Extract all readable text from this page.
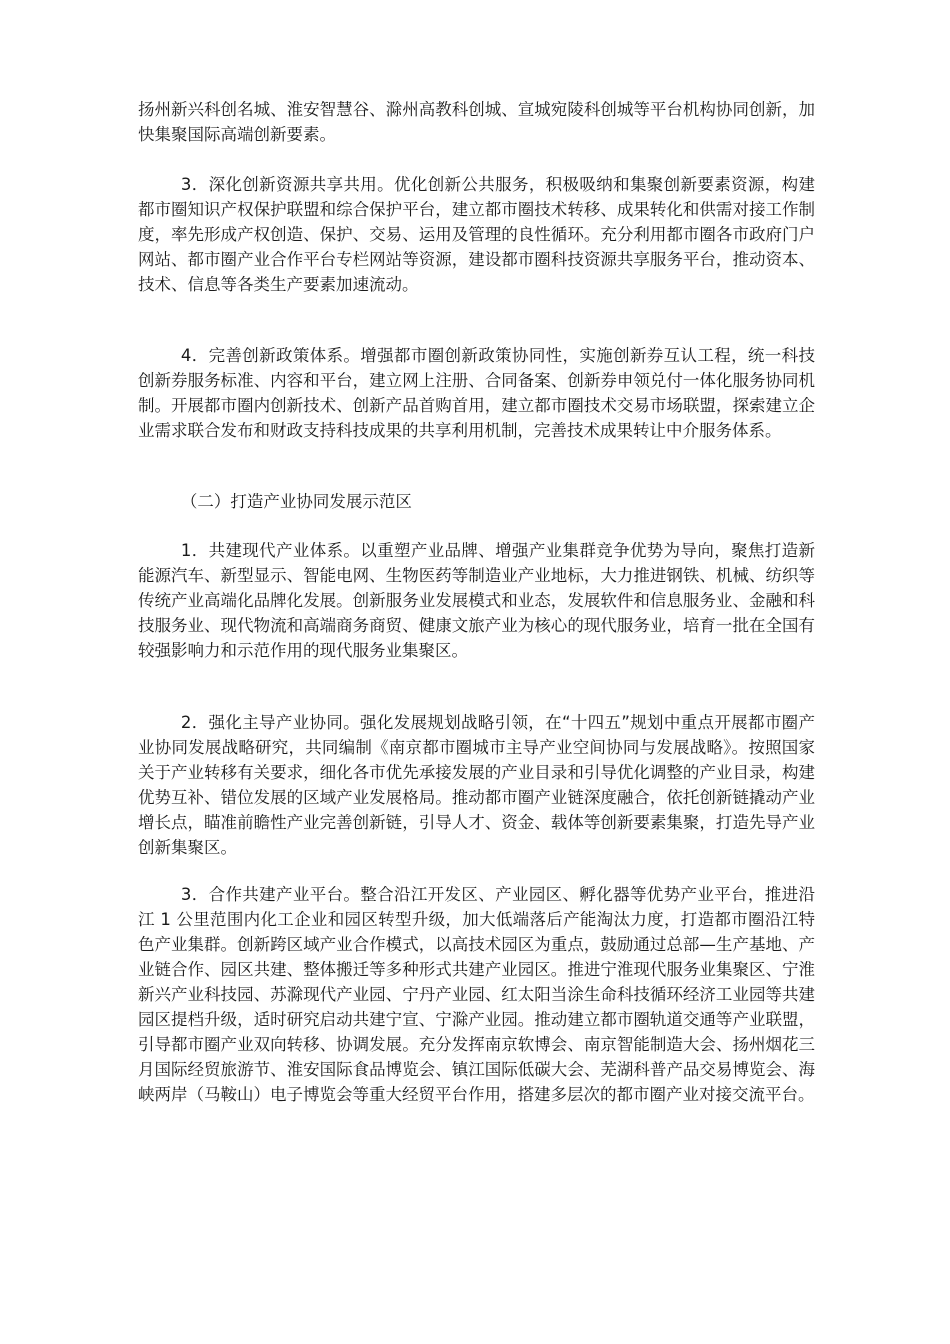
扬州新兴科创名城、淮安智慧谷、滁州高教科创城、宣城宛陵科创城等平台机构协同创新，加快集聚国际高端创新要素。

3．深化创新资源共享共用。优化创新公共服务，积极吸纳和集聚创新要素资源，构建都市圈知识产权保护联盟和综合保护平台，建立都市圈技术转移、成果转化和供需对接工作制度，率先形成产权创造、保护、交易、运用及管理的良性循环。充分利用都市圈各市政府门户网站、都市圈产业合作平台专栏网站等资源，建设都市圈科技资源共享服务平台，推动资本、技术、信息等各类生产要素加速流动。

4．完善创新政策体系。增强都市圈创新政策协同性，实施创新券互认工程，统一科技创新券服务标准、内容和平台，建立网上注册、合同备案、创新券申领兑付一体化服务协同机制。开展都市圈内创新技术、创新产品首购首用，建立都市圈技术交易市场联盟，探索建立企业需求联合发布和财政支持科技成果的共享利用机制，完善技术成果转让中介服务体系。

（二）打造产业协同发展示范区

1．共建现代产业体系。以重塑产业品牌、增强产业集群竞争优势为导向，聚焦打造新能源汽车、新型显示、智能电网、生物医药等制造业产业地标，大力推进钢铁、机械、纺织等传统产业高端化品牌化发展。创新服务业发展模式和业态，发展软件和信息服务业、金融和科技服务业、现代物流和高端商务商贸、健康文旅产业为核心的现代服务业，培育一批在全国有较强影响力和示范作用的现代服务业集聚区。

2．强化主导产业协同。强化发展规划战略引领，在“十四五”规划中重点开展都市圈产业协同发展战略研究，共同编制《南京都市圈城市主导产业空间协同与发展战略》。按照国家关于产业转移有关要求，细化各市优先承接发展的产业目录和引导优化调整的产业目录，构建优势互补、错位发展的区域产业发展格局。推动都市圈产业链深度融合，依托创新链撬动产业增长点，瞄准前瞻性产业完善创新链，引导人才、资金、载体等创新要素集聚，打造先导产业创新集聚区。

3．合作共建产业平台。整合沿江开发区、产业园区、孵化器等优势产业平台，推进沿江 1 公里范围内化工企业和园区转型升级，加大低端落后产能淘汰力度，打造都市圈沿江特色产业集群。创新跨区域产业合作模式，以高技术园区为重点，鼓励通过总部—生产基地、产业链合作、园区共建、整体搬迁等多种形式共建产业园区。推进宁淮现代服务业集聚区、宁淮新兴产业科技园、苏滁现代产业园、宁丹产业园、红太阳当涂生命科技循环经济工业园等共建园区提档升级，适时研究启动共建宁宣、宁滁产业园。推动建立都市圈轨道交通等产业联盟，引导都市圈产业双向转移、协调发展。充分发挥南京软博会、南京智能制造大会、扬州烟花三月国际经贸旅游节、淮安国际食品博览会、镇江国际低碳大会、芜湖科普产品交易博览会、海峡两岸（马鞍山）电子博览会等重大经贸平台作用，搭建多层次的都市圈产业对接交流平台。
